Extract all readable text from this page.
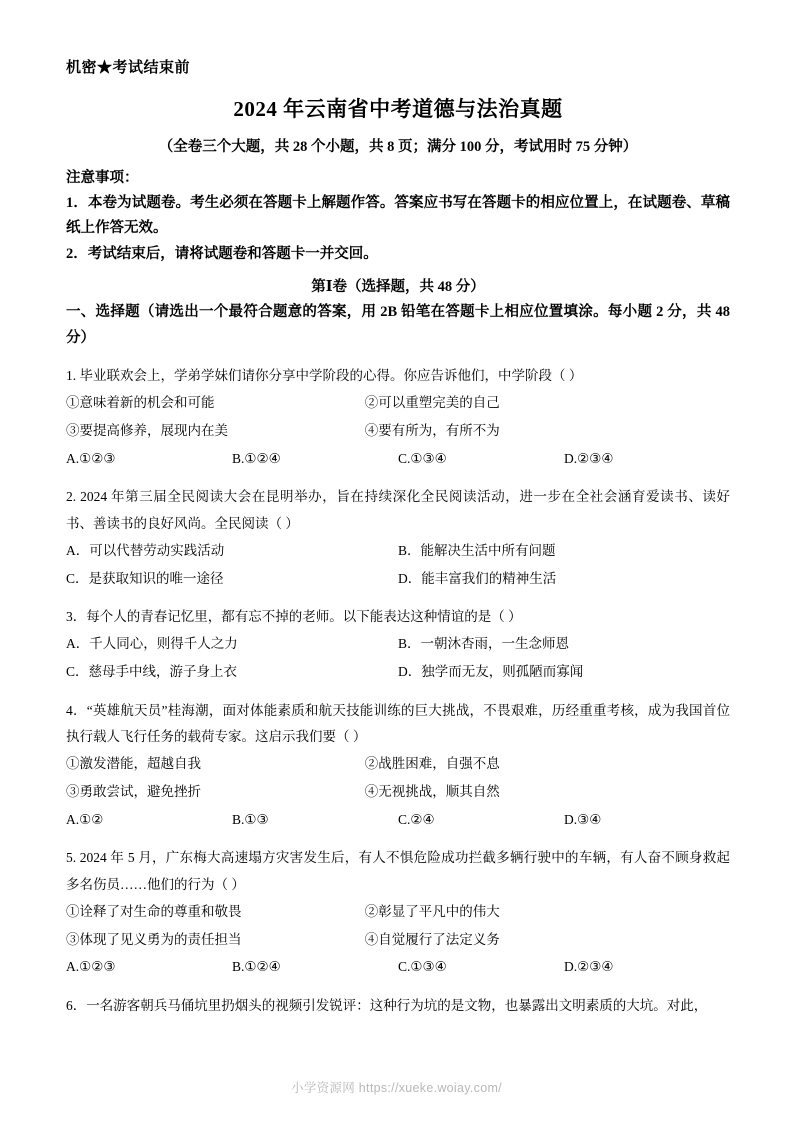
机密★考试结束前
2024 年云南省中考道德与法治真题
（全卷三个大题，共 28 个小题，共 8 页；满分 100 分，考试用时 75 分钟）
注意事项：
1．本卷为试题卷。考生必须在答题卡上解题作答。答案应书写在答题卡的相应位置上，在试题卷、草稿纸上作答无效。
2．考试结束后，请将试题卷和答题卡一并交回。
第Ⅰ卷（选择题，共 48 分）
一、选择题（请选出一个最符合题意的答案，用 2B 铅笔在答题卡上相应位置填涂。每小题 2 分，共 48 分）
1. 毕业联欢会上，学弟学妹们请你分享中学阶段的心得。你应告诉他们，中学阶段（ ）
①意味着新的机会和可能	②可以重塑完美的自己
③要提高修养，展现内在美	④要有所为，有所不为
A.①②③	B.①②④	C.①③④	D.②③④
2. 2024 年第三届全民阅读大会在昆明举办，旨在持续深化全民阅读活动，进一步在全社会涵育爱读书、读好书、善读书的良好风尚。全民阅读（ ）
A．可以代替劳动实践活动	B．能解决生活中所有问题
C．是获取知识的唯一途径	D．能丰富我们的精神生活
3．每个人的青春记忆里，都有忘不掉的老师。以下能表达这种情谊的是（ ）
A．千人同心，则得千人之力	B．一朝沐杏雨，一生念师恩
C．慈母手中线，游子身上衣	D．独学而无友，则孤陋而寡闻
4．“英雄航天员”桂海潮，面对体能素质和航天技能训练的巨大挑战，不畏艰难，历经重重考核，成为我国首位执行载人飞行任务的载荷专家。这启示我们要（ ）
①激发潜能，超越自我	②战胜困难，自强不息
③勇敢尝试，避免挫折	④无视挑战，顺其自然
A.①②	B.①③	C.②④	D.③④
5. 2024 年 5 月，广东梅大高速塌方灾害发生后，有人不惧危险成功拦截多辆行驶中的车辆，有人奋不顾身救起多名伤员……他们的行为（ ）
①诠释了对生命的尊重和敬畏	②彰显了平凡中的伟大
③体现了见义勇为的责任担当	④自觉履行了法定义务
A.①②③	B.①②④	C.①③④	D.②③④
6．一名游客朝兵马俑坑里扔烟头的视频引发锐评：这种行为坑的是文物，也暴露出文明素质的大坑。对此，
小学资源网 https://xueke.woiay.com/
